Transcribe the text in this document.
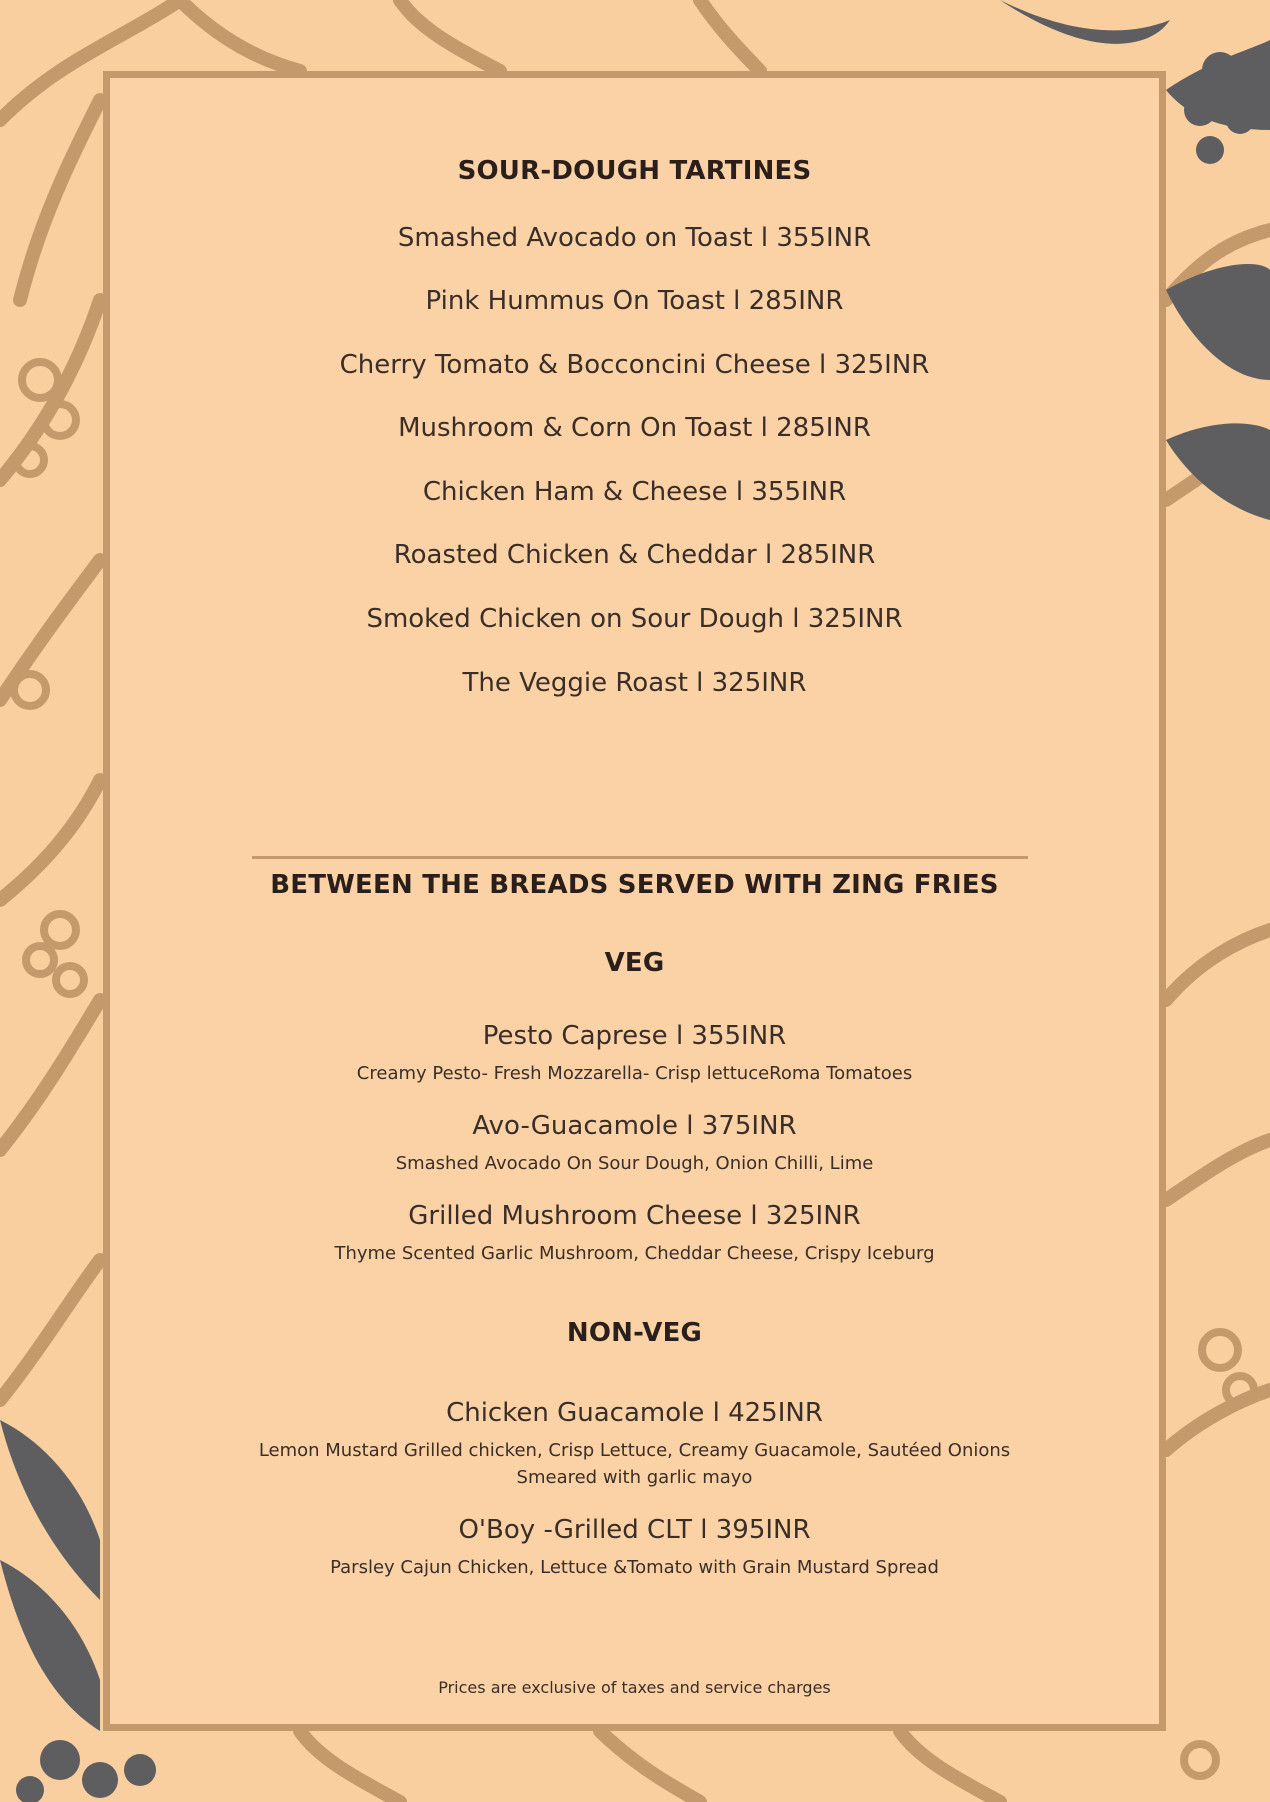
SOUR-DOUGH TARTINES

Smashed Avocado on Toast l 355INR

Pink Hummus On Toast l 285INR

Cherry Tomato & Bocconcini Cheese l 325INR

Mushroom & Corn On Toast l 285INR

Chicken Ham & Cheese l 355INR

Roasted Chicken & Cheddar l 285INR

Smoked Chicken on Sour Dough l 325INR

The Veggie Roast l 325INR

BETWEEN THE BREADS SERVED WITH ZING FRIES
VEG

Pesto Caprese l 355INR

Creamy Pesto- Fresh Mozzarella- Crisp lettuceRoma Tomatoes

Avo-Guacamole l 375INR

Smashed Avocado On Sour Dough, Onion Chilli, Lime

Grilled Mushroom Cheese l 325INR

Thyme Scented Garlic Mushroom, Cheddar Cheese, Crispy Iceburg

NON-VEG

Chicken Guacamole l 425INR

Lemon Mustard Grilled chicken, Crisp Lettuce, Creamy Guacamole, Sautéed Onions

Smeared with garlic mayo

O'Boy -Grilled CLT l 395INR

Parsley Cajun Chicken, Lettuce &Tomato with Grain Mustard Spread

Prices are exclusive of taxes and service charges
